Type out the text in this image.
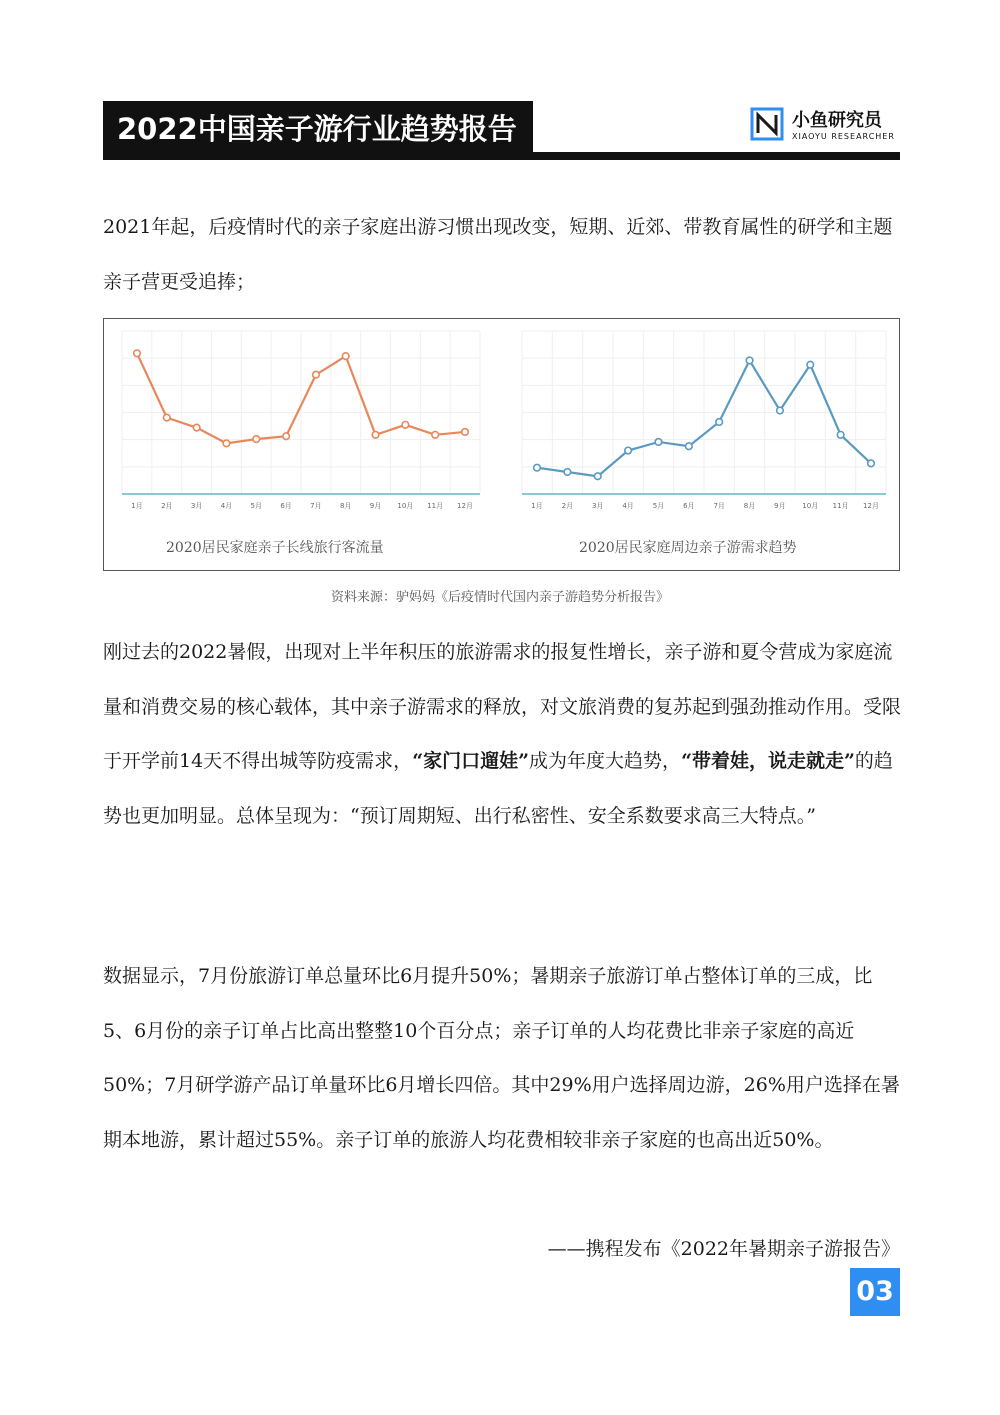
2022中国亲子游行业趋势报告	小鱼研究员
XIAOYU RESEARCHER

2021年起，后疫情时代的亲子家庭出游习惯出现改变，短期、近郊、带教育属性的研学和主题亲子营更受追捧；

1月	2月	3月	4月	5月	6月	7月	8月	9月 10月 11月 12月	1月	2月	3月	4月	5月	6月	7月	8月	9月 10月 11月 12月
2020居民家庭亲子长线旅行客流量	2020居民家庭周边亲子游需求趋势
资料来源：驴妈妈《后疫情时代国内亲子游趋势分析报告》

刚过去的2022暑假，出现对上半年积压的旅游需求的报复性增长，亲子游和夏令营成为家庭流量和消费交易的核心载体，其中亲子游需求的释放，对文旅消费的复苏起到强劲推动作用。受限于开学前14天不得出城等防疫需求，“家门口遛娃”成为年度大趋势，“带着娃，说走就走”的趋势也更加明显。总体呈现为：“预订周期短、出行私密性、安全系数要求高三大特点。”

数据显示，7月份旅游订单总量环比6月提升50%；暑期亲子旅游订单占整体订单的三成，比5、6月份的亲子订单占比高出整整10个百分点；亲子订单的人均花费比非亲子家庭的高近50%；7月研学游产品订单量环比6月增长四倍。其中29%用户选择周边游，26%用户选择在暑期本地游，累计超过55%。亲子订单的旅游人均花费相较非亲子家庭的也高出近50%。

——携程发布《2022年暑期亲子游报告》
03
